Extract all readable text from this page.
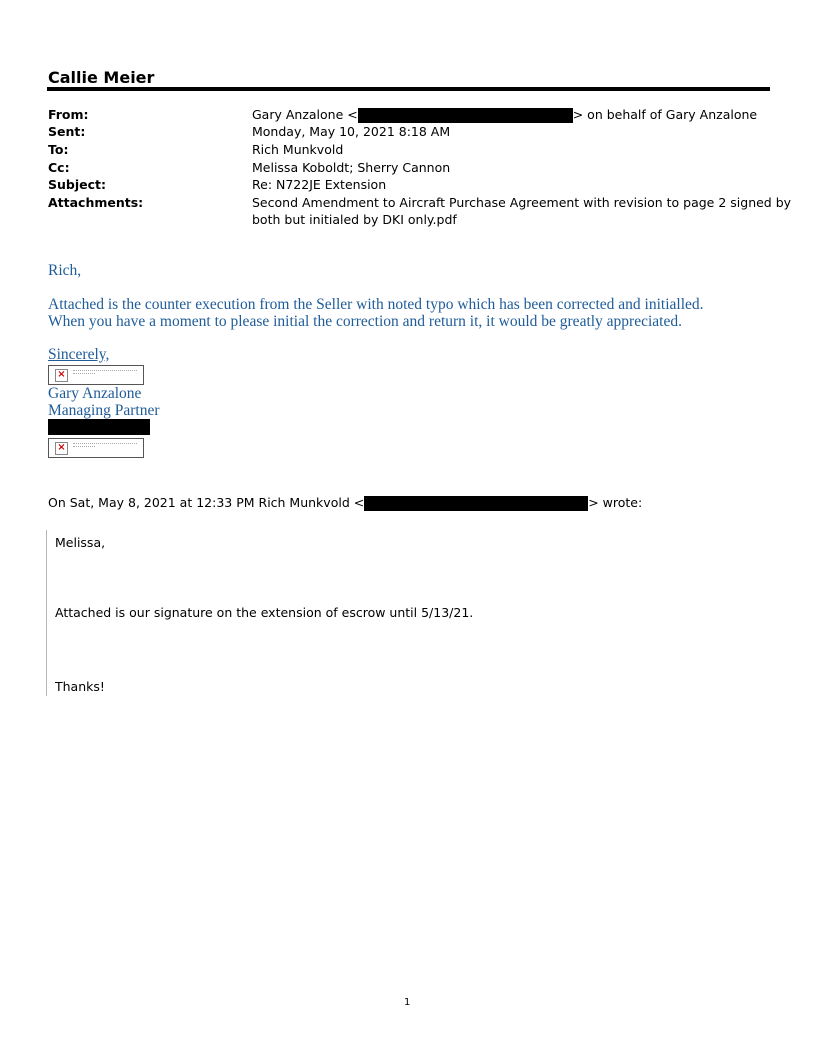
Callie Meier
From:
Sent:
To:
Cc:
Subject:
Attachments:
Gary Anzalone <	> on behalf of Gary Anzalone
Monday, May 10, 2021 8:18 AM
Rich Munkvold
Melissa Koboldt; Sherry Cannon
Re: N722JE Extension
Second Amendment to Aircraft Purchase Agreement with revision to page 2 signed by
both but initialed by DKI only.pdf
Rich,
Attached is the counter execution from the Seller with noted typo which has been corrected and initialled.
When you have a moment to please initial the correction and return it, it would be greatly appreciated.
Sincerely,
×
Gary Anzalone
Managing Partner
×
On Sat, May 8, 2021 at 12:33 PM Rich Munkvold <	> wrote:
Melissa,
Attached is our signature on the extension of escrow until 5/13/21.
Thanks!
1
